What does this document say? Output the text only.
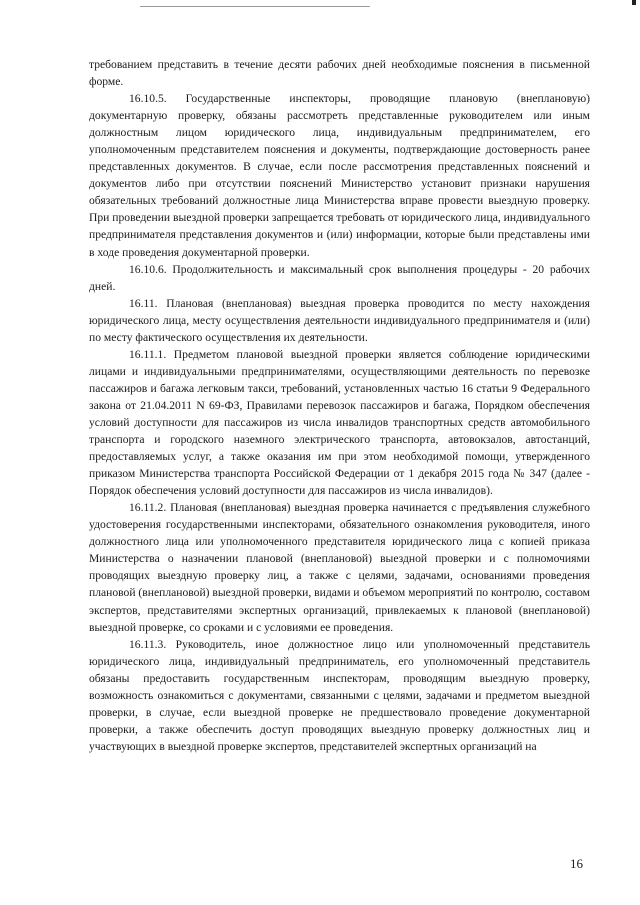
требованием представить в течение десяти рабочих дней необходимые пояснения в письменной форме.

16.10.5. Государственные инспекторы, проводящие плановую (внеплановую) документарную проверку, обязаны рассмотреть представленные руководителем или иным должностным лицом юридического лица, индивидуальным предпринимателем, его уполномоченным представителем пояснения и документы, подтверждающие достоверность ранее представленных документов. В случае, если после рассмотрения представленных пояснений и документов либо при отсутствии пояснений Министерство установит признаки нарушения обязательных требований должностные лица Министерства вправе провести выездную проверку. При проведении выездной проверки запрещается требовать от юридического лица, индивидуального предпринимателя представления документов и (или) информации, которые были представлены ими в ходе проведения документарной проверки.

16.10.6. Продолжительность и максимальный срок выполнения процедуры - 20 рабочих дней.

16.11. Плановая (внеплановая) выездная проверка проводится по месту нахождения юридического лица, месту осуществления деятельности индивидуального предпринимателя и (или) по месту фактического осуществления их деятельности.

16.11.1. Предметом плановой выездной проверки является соблюдение юридическими лицами и индивидуальными предпринимателями, осуществляющими деятельность по перевозке пассажиров и багажа легковым такси, требований, установленных частью 16 статьи 9 Федерального закона от 21.04.2011 N 69-ФЗ, Правилами перевозок пассажиров и багажа, Порядком обеспечения условий доступности для пассажиров из числа инвалидов транспортных средств автомобильного транспорта и городского наземного электрического транспорта, автовокзалов, автостанций, предоставляемых услуг, а также оказания им при этом необходимой помощи, утвержденного приказом Министерства транспорта Российской Федерации от 1 декабря 2015 года № 347 (далее - Порядок обеспечения условий доступности для пассажиров из числа инвалидов).

16.11.2. Плановая (внеплановая) выездная проверка начинается с предъявления служебного удостоверения государственными инспекторами, обязательного ознакомления руководителя, иного должностного лица или уполномоченного представителя юридического лица с копией приказа Министерства о назначении плановой (внеплановой) выездной проверки и с полномочиями проводящих выездную проверку лиц, а также с целями, задачами, основаниями проведения плановой (внеплановой) выездной проверки, видами и объемом мероприятий по контролю, составом экспертов, представителями экспертных организаций, привлекаемых к плановой (внеплановой) выездной проверке, со сроками и с условиями ее проведения.

16.11.3. Руководитель, иное должностное лицо или уполномоченный представитель юридического лица, индивидуальный предприниматель, его уполномоченный представитель обязаны предоставить государственным инспекторам, проводящим выездную проверку, возможность ознакомиться с документами, связанными с целями, задачами и предметом выездной проверки, в случае, если выездной проверке не предшествовало проведение документарной проверки, а также обеспечить доступ проводящих выездную проверку должностных лиц и участвующих в выездной проверке экспертов, представителей экспертных организаций на

16
